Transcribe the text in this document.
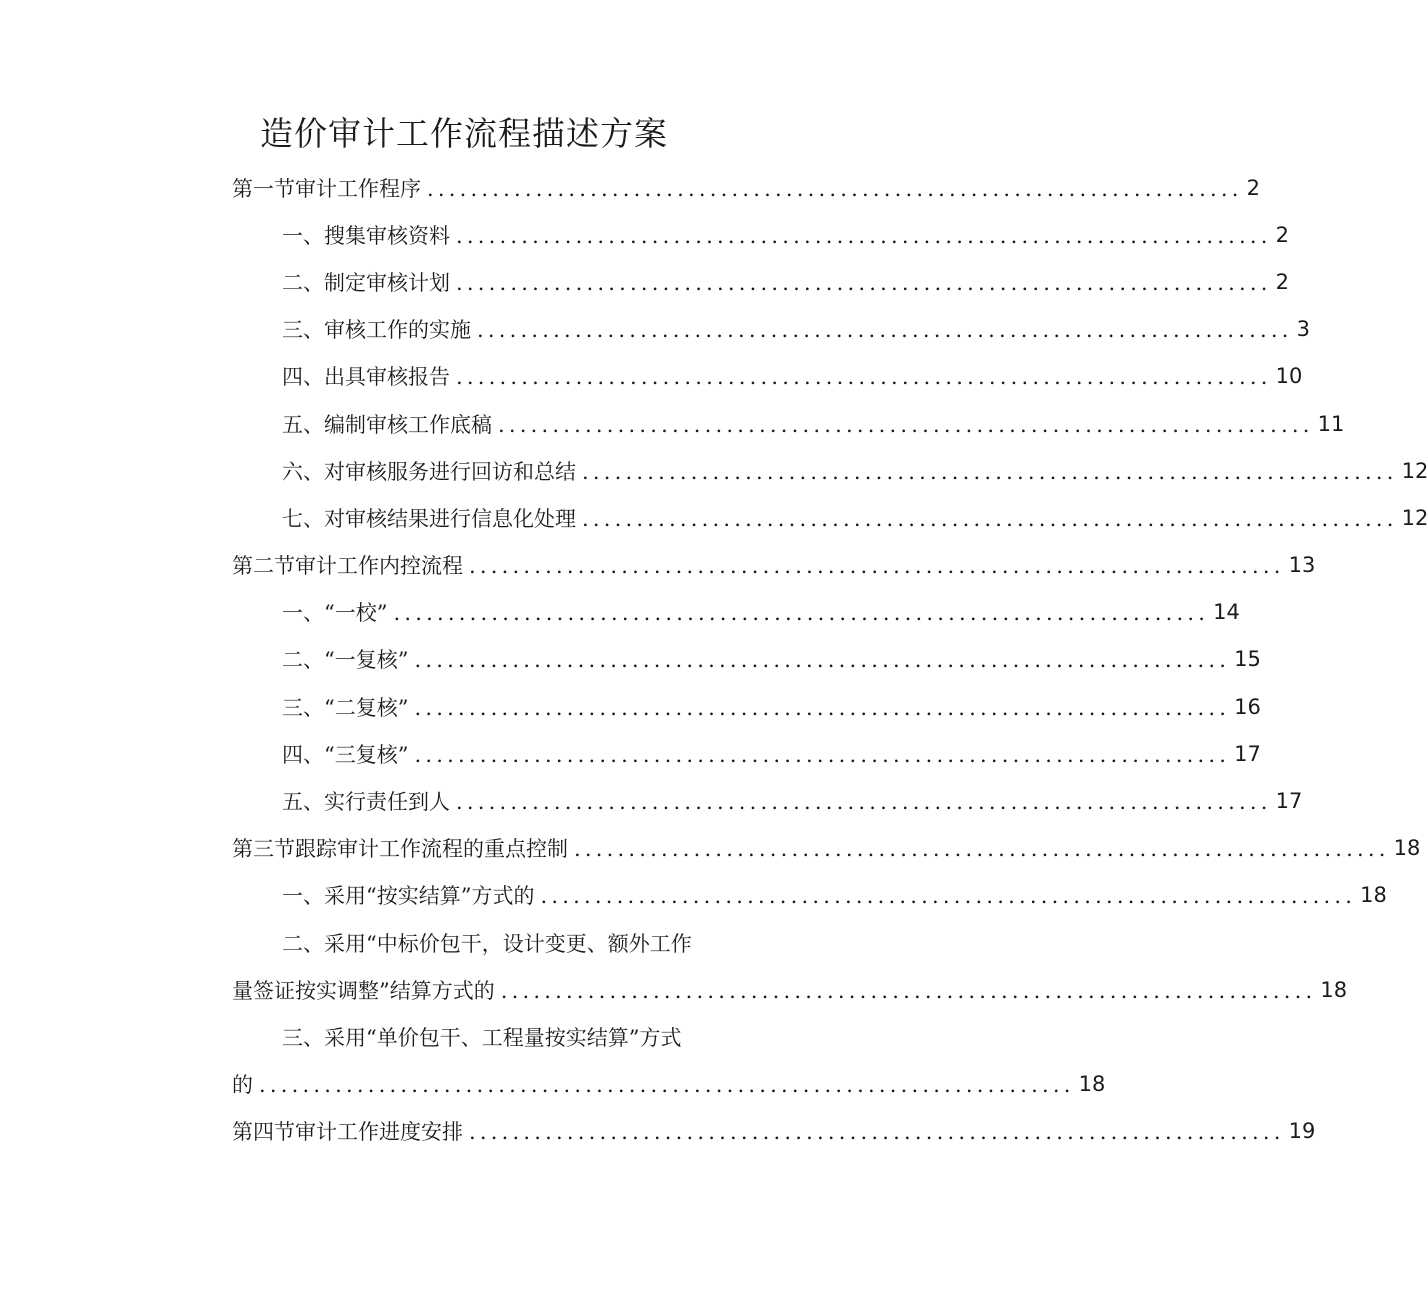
造价审计工作流程描述方案
第一节审计工作程序 ........................................................................... 2
一、搜集审核资料 ........................................................................... 2
二、制定审核计划 ........................................................................... 2
三、审核工作的实施 ........................................................................... 3
四、出具审核报告 ........................................................................... 10
五、编制审核工作底稿 ........................................................................... 11
六、对审核服务进行回访和总结 ........................................................................... 12
七、对审核结果进行信息化处理 ........................................................................... 12
第二节审计工作内控流程 ........................................................................... 13
一、“一校” ........................................................................... 14
二、“一复核” ........................................................................... 15
三、“二复核” ........................................................................... 16
四、“三复核” ........................................................................... 17
五、实行责任到人 ........................................................................... 17
第三节跟踪审计工作流程的重点控制 ........................................................................... 18
一、采用“按实结算”方式的 ........................................................................... 18
二、采用“中标价包干，设计变更、额外工作
量签证按实调整”结算方式的 ........................................................................... 18
三、采用“单价包干、工程量按实结算”方式
的 ........................................................................... 18
第四节审计工作进度安排 ........................................................................... 19
